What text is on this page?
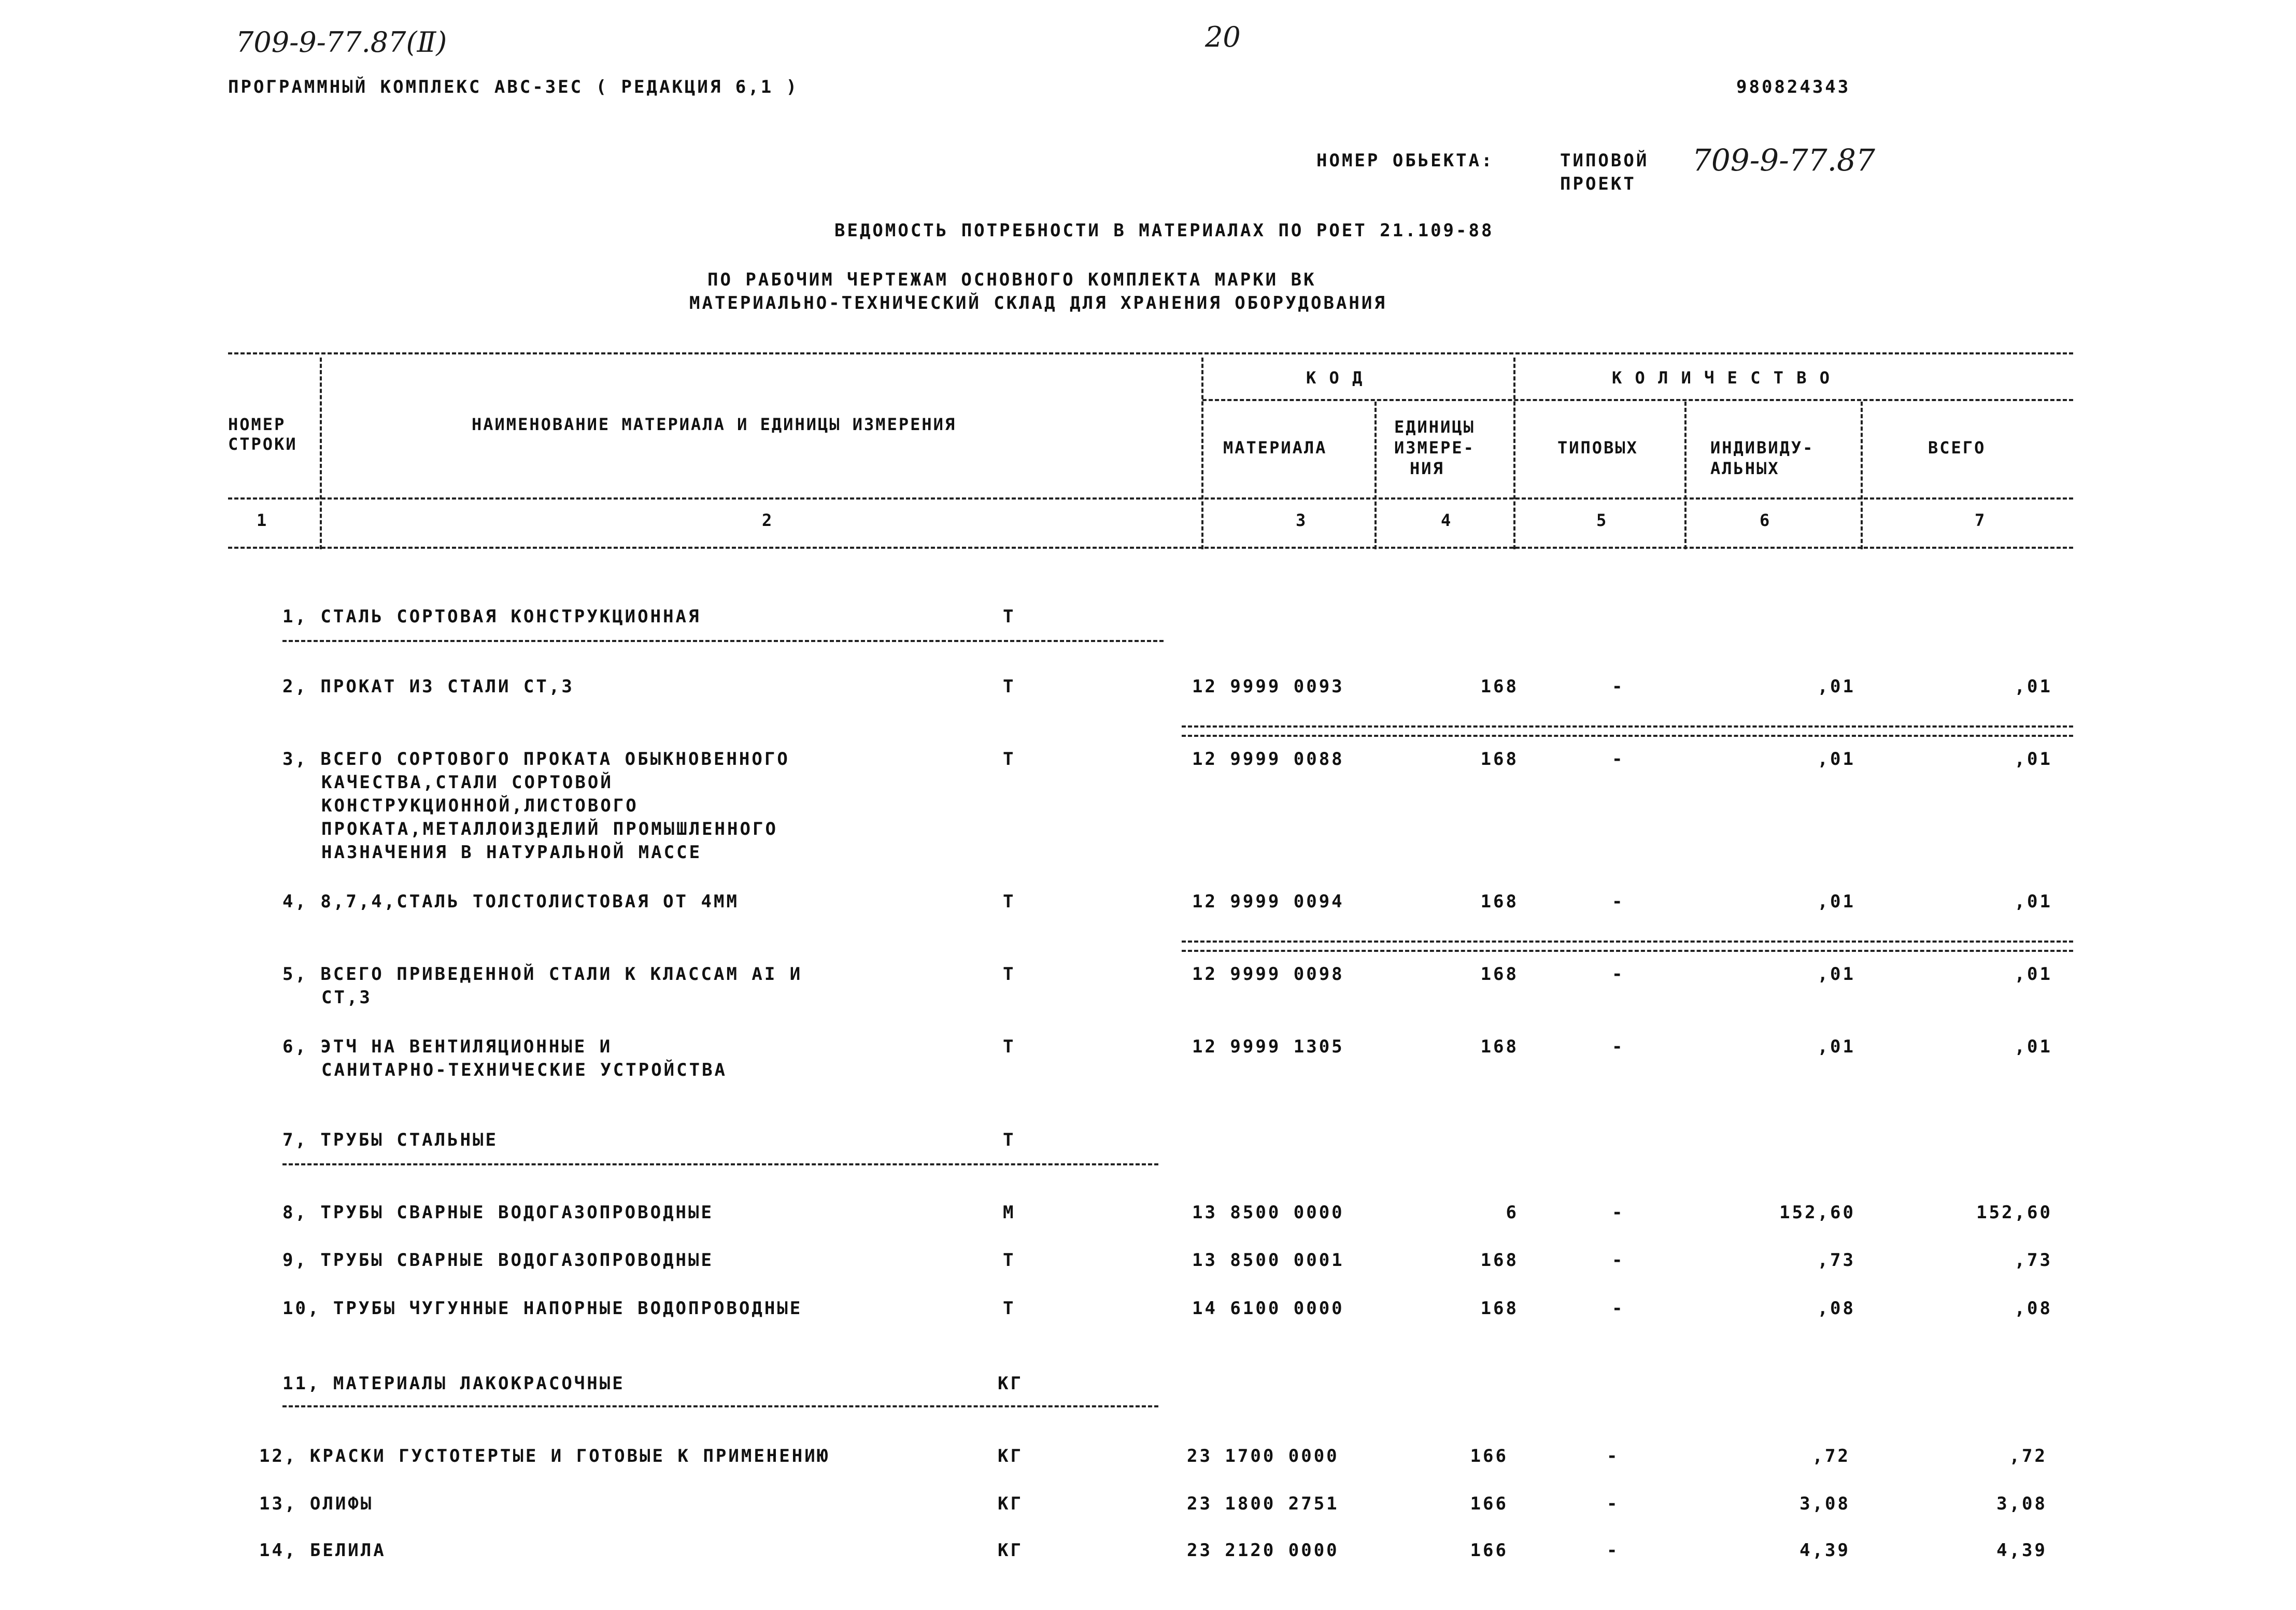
709-9-77.87(Ⅱ)	20
ПРОГРАММНЫЙ КОМПЛЕКС АВС-3ЕС ( РЕДАКЦИЯ 6,1 )	980824343
НОМЕР ОБЬЕКТА:	ТИПОВОЙ
ПРОЕКТ
709-9-77.87
ВЕДОМОСТЬ ПОТРЕБНОСТИ В МАТЕРИАЛАХ ПО РОЕТ 21.109-88
ПО РАБОЧИМ ЧЕРТЕЖАМ ОСНОВНОГО КОМПЛЕКТА МАРКИ ВК
МАТЕРИАЛЬНО-ТЕХНИЧЕСКИЙ СКЛАД ДЛЯ ХРАНЕНИЯ ОБОРУДОВАНИЯ
НОМЕР
СТРОКИ
НАИМЕНОВАНИЕ МАТЕРИАЛА И ЕДИНИЦЫ ИЗМЕРЕНИЯ
К О Д	К О Л И Ч Е С Т В О
МАТЕРИАЛА
ЕДИНИЦЫ
ИЗМЕРЕ-
НИЯ
ТИПОВЫХ	ИНДИВИДУ-
АЛЬНЫХ
ВСЕГО
1	2	3	4	5	6	7
1, СТАЛЬ СОРТОВАЯ КОНСТРУКЦИОННАЯ	Т
2, ПРОКАТ ИЗ СТАЛИ СТ,3	Т	12 9999 0093	168	-	,01	,01
3, ВСЕГО СОРТОВОГО ПРОКАТА ОБЫКНОВЕННОГО
КАЧЕСТВА,СТАЛИ СОРТОВОЙ
КОНСТРУКЦИОННОЙ,ЛИСТОВОГО
ПРОКАТА,МЕТАЛЛОИЗДЕЛИЙ ПРОМЫШЛЕННОГО
НАЗНАЧЕНИЯ В НАТУРАЛЬНОЙ МАССЕ
Т	12 9999 0088	168	-	,01	,01
4, 8,7,4,СТАЛЬ ТОЛСТОЛИСТОВАЯ ОТ 4ММ	Т	12 9999 0094	168	-	,01	,01
5, ВСЕГО ПРИВЕДЕННОЙ СТАЛИ К КЛАССАМ АI И
СТ,3
Т	12 9999 0098	168	-	,01	,01
6, ЭТЧ НА ВЕНТИЛЯЦИОННЫЕ И
САНИТАРНО-ТЕХНИЧЕСКИЕ УСТРОЙСТВА
Т	12 9999 1305	168	-	,01	,01
7, ТРУБЫ СТАЛЬНЫЕ	Т
8, ТРУБЫ СВАРНЫЕ ВОДОГАЗОПРОВОДНЫЕ	М	13 8500 0000	6	-	152,60	152,60
9, ТРУБЫ СВАРНЫЕ ВОДОГАЗОПРОВОДНЫЕ	Т	13 8500 0001	168	-	,73	,73
10, ТРУБЫ ЧУГУННЫЕ НАПОРНЫЕ ВОДОПРОВОДНЫЕ	Т	14 6100 0000	168	-	,08	,08
11, МАТЕРИАЛЫ ЛАКОКРАСОЧНЫЕ	КГ
12, КРАСКИ ГУСТОТЕРТЫЕ И ГОТОВЫЕ К ПРИМЕНЕНИЮ	КГ	23 1700 0000	166	-	,72	,72
13, ОЛИФЫ	КГ	23 1800 2751	166	-	3,08	3,08
14, БЕЛИЛА	КГ	23 2120 0000	166	-	4,39	4,39
